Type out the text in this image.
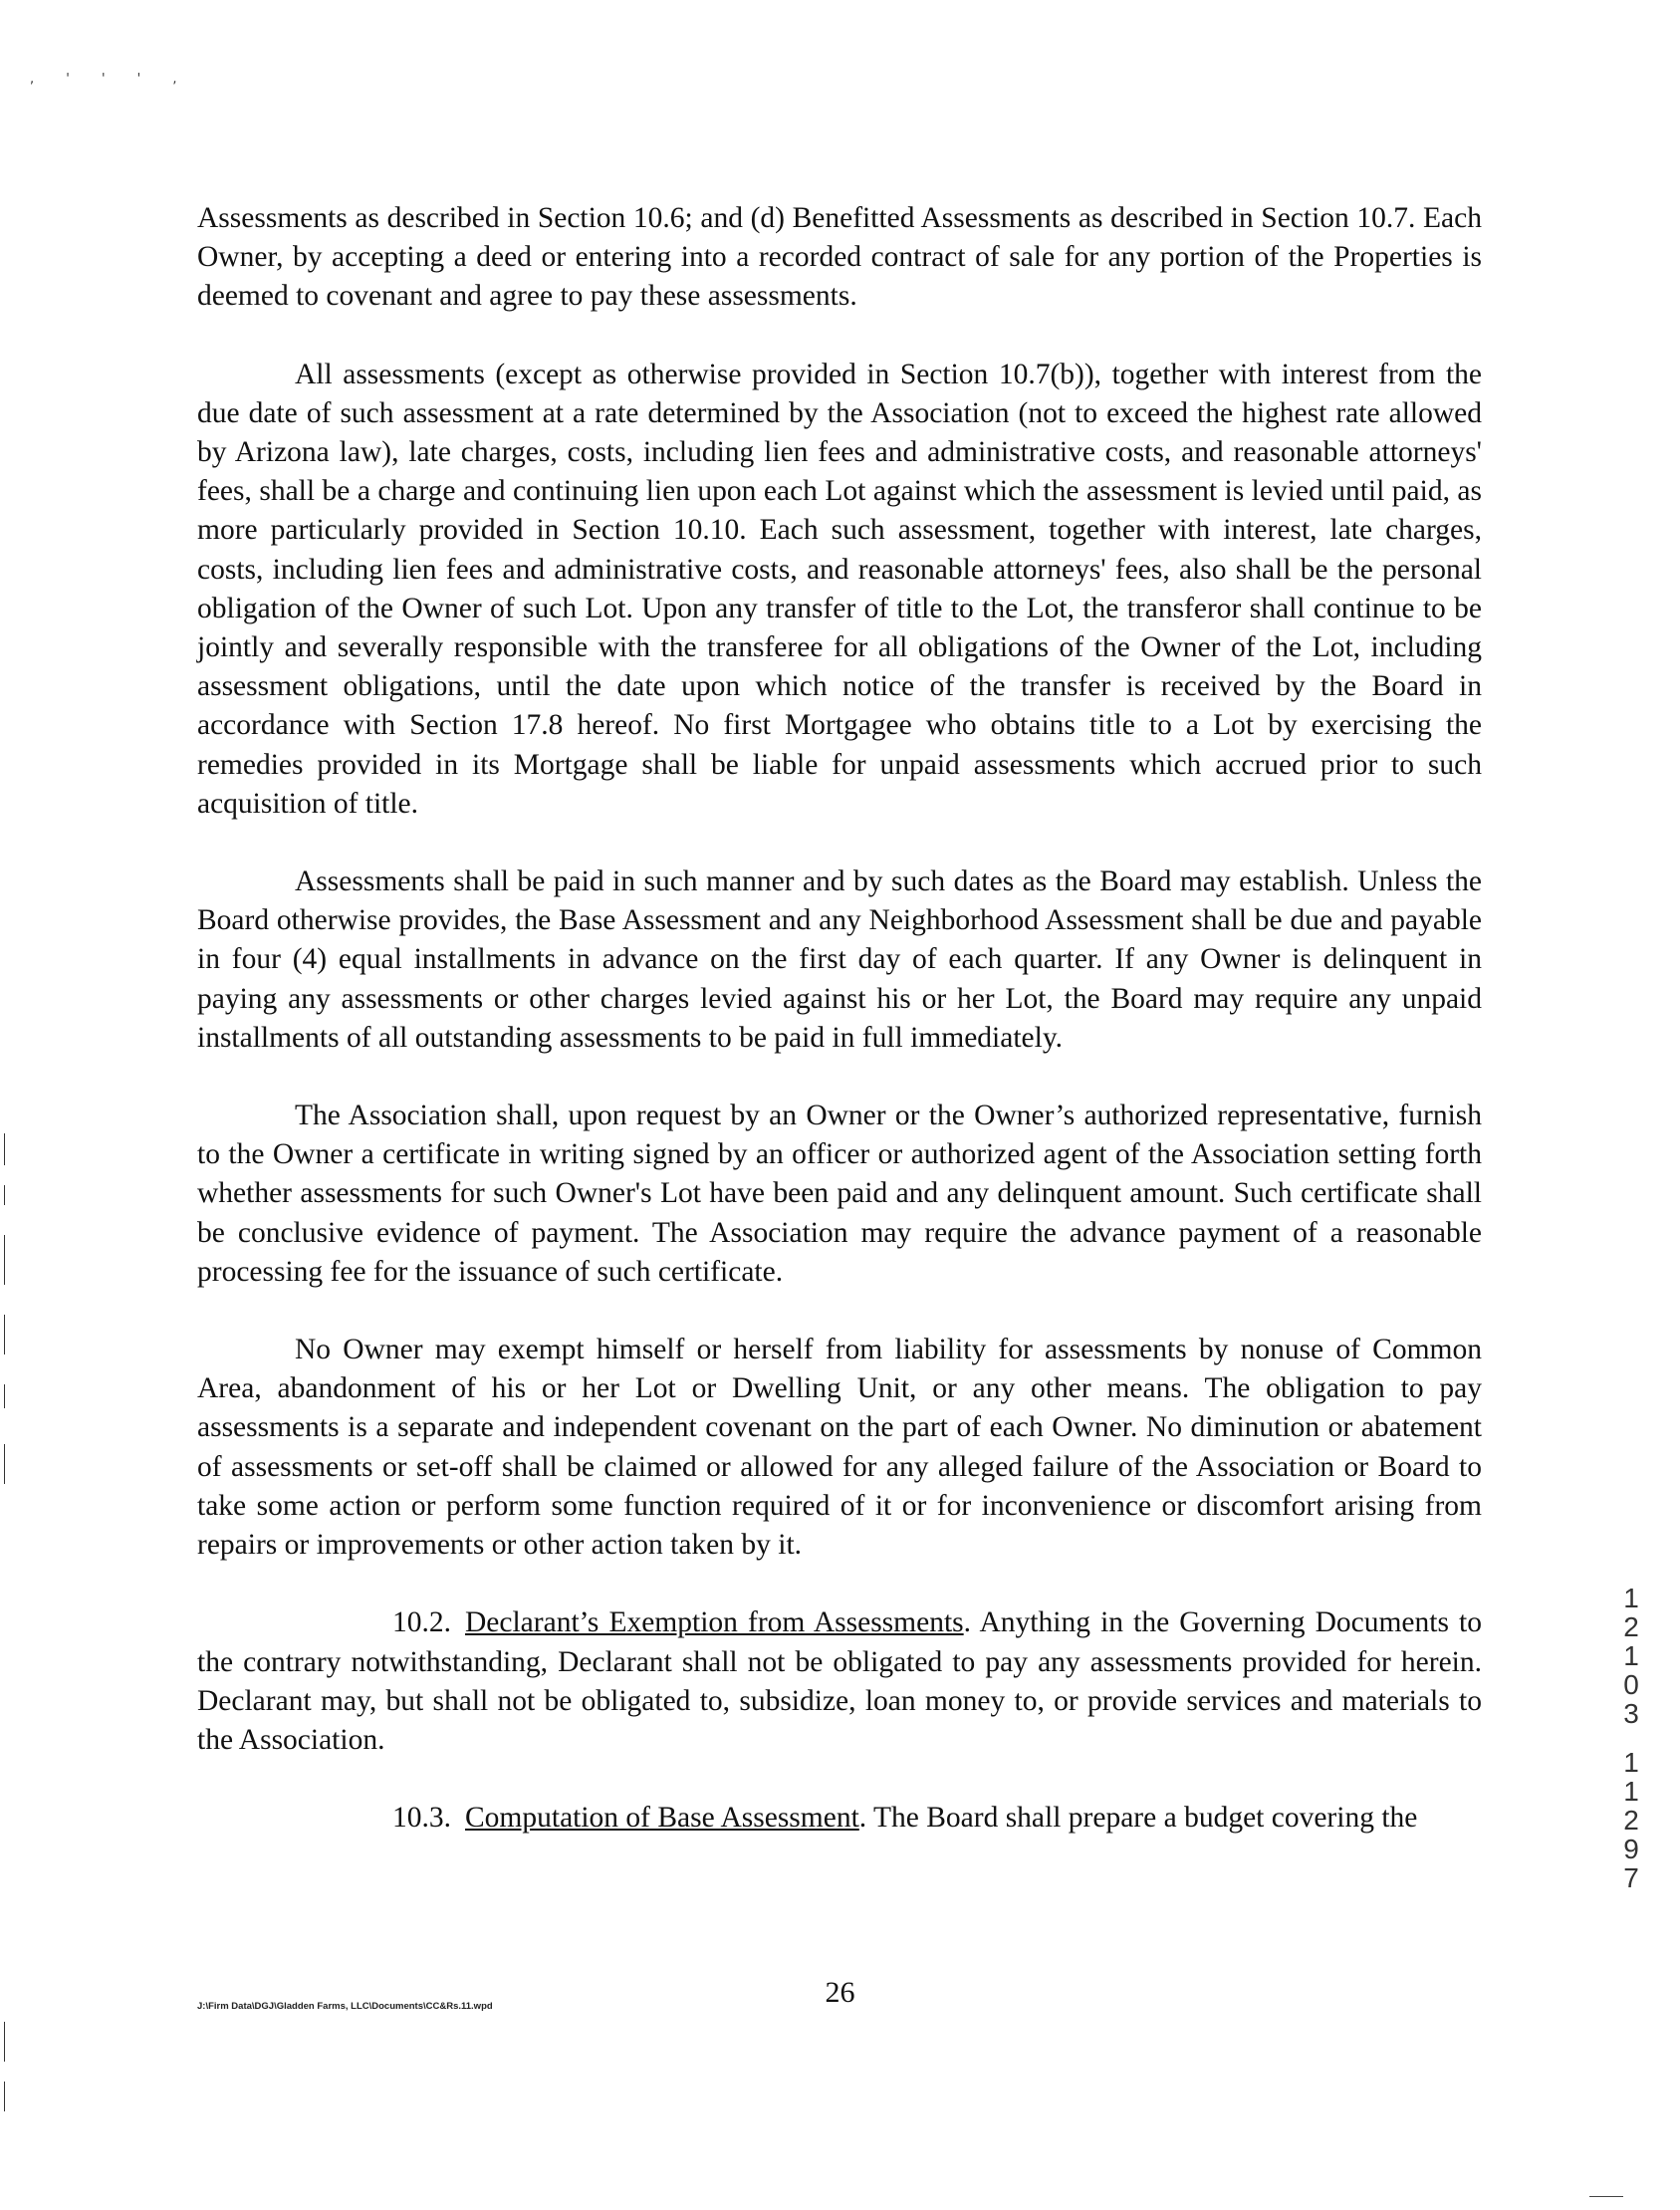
, ' ' ' ,

Assessments as described in Section 10.6; and (d) Benefitted Assessments as described in Section 10.7. Each Owner, by accepting a deed or entering into a recorded contract of sale for any portion of the Properties is deemed to covenant and agree to pay these assessments.

All assessments (except as otherwise provided in Section 10.7(b)), together with interest from the due date of such assessment at a rate determined by the Association (not to exceed the highest rate allowed by Arizona law), late charges, costs, including lien fees and administrative costs, and reasonable attorneys' fees, shall be a charge and continuing lien upon each Lot against which the assessment is levied until paid, as more particularly provided in Section 10.10. Each such assessment, together with interest, late charges, costs, including lien fees and administrative costs, and reasonable attorneys' fees, also shall be the personal obligation of the Owner of such Lot. Upon any transfer of title to the Lot, the transferor shall continue to be jointly and severally responsible with the transferee for all obligations of the Owner of the Lot, including assessment obligations, until the date upon which notice of the transfer is received by the Board in accordance with Section 17.8 hereof. No first Mortgagee who obtains title to a Lot by exercising the remedies provided in its Mortgage shall be liable for unpaid assessments which accrued prior to such acquisition of title.

Assessments shall be paid in such manner and by such dates as the Board may establish. Unless the Board otherwise provides, the Base Assessment and any Neighborhood Assessment shall be due and payable in four (4) equal installments in advance on the first day of each quarter. If any Owner is delinquent in paying any assessments or other charges levied against his or her Lot, the Board may require any unpaid installments of all outstanding assessments to be paid in full immediately.

The Association shall, upon request by an Owner or the Owner’s authorized representative, furnish to the Owner a certificate in writing signed by an officer or authorized agent of the Association setting forth whether assessments for such Owner's Lot have been paid and any delinquent amount. Such certificate shall be conclusive evidence of payment. The Association may require the advance payment of a reasonable processing fee for the issuance of such certificate.

No Owner may exempt himself or herself from liability for assessments by nonuse of Common Area, abandonment of his or her Lot or Dwelling Unit, or any other means. The obligation to pay assessments is a separate and independent covenant on the part of each Owner. No diminution or abatement of assessments or set-off shall be claimed or allowed for any alleged failure of the Association or Board to take some action or perform some function required of it or for inconvenience or discomfort arising from repairs or improvements or other action taken by it.

10.2. Declarant’s Exemption from Assessments. Anything in the Governing Documents to the contrary notwithstanding, Declarant shall not be obligated to pay any assessments provided for herein. Declarant may, but shall not be obligated to, subsidize, loan money to, or provide services and materials to the Association.

10.3. Computation of Base Assessment. The Board shall prepare a budget covering the

26
J:\Firm Data\DGJ\Gladden Farms, LLC\Documents\CC&Rs.11.wpd
1
2
1
0
3
1
1
2
9
7
